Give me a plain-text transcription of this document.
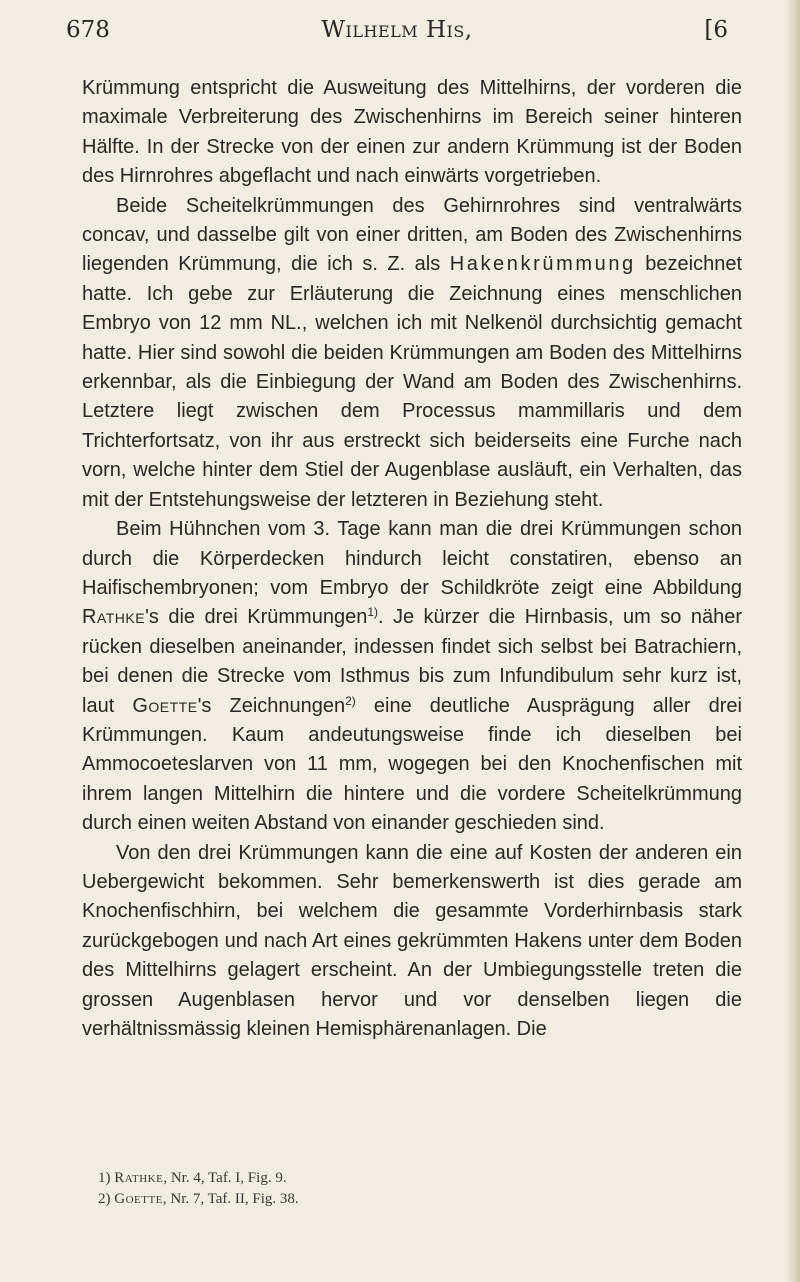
678	Wilhelm His,	[6

Krümmung entspricht die Ausweitung des Mittelhirns, der vorderen die maximale Verbreiterung des Zwischenhirns im Bereich seiner hinteren Hälfte. In der Strecke von der einen zur andern Krümmung ist der Boden des Hirnrohres abgeflacht und nach einwärts vorgetrieben.

Beide Scheitelkrümmungen des Gehirnrohres sind ventralwärts concav, und dasselbe gilt von einer dritten, am Boden des Zwischenhirns liegenden Krümmung, die ich s. Z. als Hakenkrümmung bezeichnet hatte. Ich gebe zur Erläuterung die Zeichnung eines menschlichen Embryo von 12 mm NL., welchen ich mit Nelkenöl durchsichtig gemacht hatte. Hier sind sowohl die beiden Krümmungen am Boden des Mittelhirns erkennbar, als die Einbiegung der Wand am Boden des Zwischenhirns. Letztere liegt zwischen dem Processus mammillaris und dem Trichterfortsatz, von ihr aus erstreckt sich beiderseits eine Furche nach vorn, welche hinter dem Stiel der Augenblase ausläuft, ein Verhalten, das mit der Entstehungsweise der letzteren in Beziehung steht.

Beim Hühnchen vom 3. Tage kann man die drei Krümmungen schon durch die Körperdecken hindurch leicht constatiren, ebenso an Haifischembryonen; vom Embryo der Schildkröte zeigt eine Abbildung Rathke's die drei Krümmungen$^{1)}$. Je kürzer die Hirnbasis, um so näher rücken dieselben aneinander, indessen findet sich selbst bei Batrachiern, bei denen die Strecke vom Isthmus bis zum Infundibulum sehr kurz ist, laut Goette's Zeichnungen$^{2)}$ eine deutliche Ausprägung aller drei Krümmungen. Kaum andeutungsweise finde ich dieselben bei Ammocoeteslarven von 11 mm, wogegen bei den Knochenfischen mit ihrem langen Mittelhirn die hintere und die vordere Scheitelkrümmung durch einen weiten Abstand von einander geschieden sind.

Von den drei Krümmungen kann die eine auf Kosten der anderen ein Uebergewicht bekommen. Sehr bemerkenswerth ist dies gerade am Knochenfischhirn, bei welchem die gesammte Vorderhirnbasis stark zurückgebogen und nach Art eines gekrümmten Hakens unter dem Boden des Mittelhirns gelagert erscheint. An der Umbiegungsstelle treten die grossen Augenblasen hervor und vor denselben liegen die verhältnissmässig kleinen Hemisphärenanlagen. Die

1) Rathke, Nr. 4, Taf. I, Fig. 9.
2) Goette, Nr. 7, Taf. II, Fig. 38.
